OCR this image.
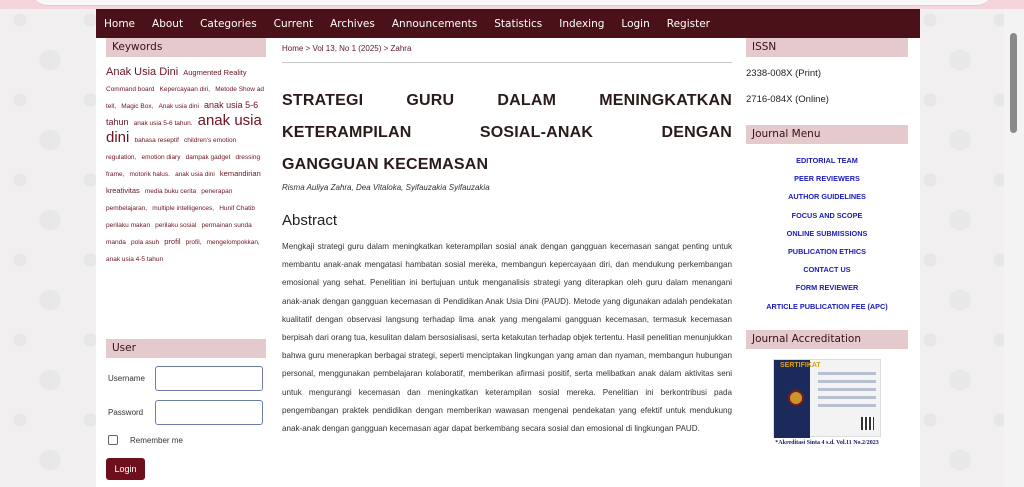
Home About Categories Current Archives Announcements Statistics Indexing Login Register
Keywords
Anak Usia Dini Augmented Reality Command board Kepercayaan diri, Metode Show ad tell, Magic Box, Anak usia dini anak usia 5-6 tahun anak usia 5-6 tahun. anak usia dini bahasa reseptif children's emotion regulation, emotion diary dampak gadget dressing frame, motorik halus. anak usia dini kemandirian kreativitas media buku cerita penerapan pembelajaran, multiple intelligences, Hunif Chatib perilaku makan perilaku sosial permainan sunda manda pola asuh profil profil, mengelompokkan, anak usia 4-5 tahun
User
Username
Password
Remember me
Login
Home > Vol 13, No 1 (2025) > Zahra
STRATEGI	GURU	DALAM	MENINGKATKAN
KETERAMPILAN	SOSIAL-ANAK	DENGAN
GANGGUAN KECEMASAN
Risma Auliya Zahra, Dea Vitaloka, Syifauzakia Syifauzakia
Abstract
Mengkaji strategi guru dalam meningkatkan keterampilan sosial anak dengan gangguan kecemasan sangat penting untuk membantu anak-anak mengatasi hambatan sosial mereka, membangun kepercayaan diri, dan mendukung perkembangan emosional yang sehat. Penelitian ini bertujuan untuk menganalisis strategi yang diterapkan oleh guru dalam menangani anak-anak dengan gangguan kecemasan di Pendidikan Anak Usia Dini (PAUD). Metode yang digunakan adalah pendekatan kualitatif dengan observasi langsung terhadap lima anak yang mengalami gangguan kecemasan, termasuk kecemasan berpisah dari orang tua, kesulitan dalam bersosialisasi, serta ketakutan terhadap objek tertentu. Hasil penelitian menunjukkan bahwa guru menerapkan berbagai strategi, seperti menciptakan lingkungan yang aman dan nyaman, membangun hubungan personal, menggunakan pembelajaran kolaboratif, memberikan afirmasi positif, serta melibatkan anak dalam aktivitas seni untuk mengurangi kecemasan dan meningkatkan keterampilan sosial mereka. Penelitian ini berkontribusi pada pengembangan praktek pendidikan dengan memberikan wawasan mengenai pendekatan yang efektif untuk mendukung anak-anak dengan gangguan kecemasan agar dapat berkembang secara sosial dan emosional di lingkungan PAUD.
ISSN
2338-008X (Print)
2716-084X (Online)
Journal Menu
EDITORIAL TEAM
PEER REVIEWERS
AUTHOR GUIDELINES
FOCUS AND SCOPE
ONLINE SUBMISSIONS
PUBLICATION ETHICS
CONTACT US
FORM REVIEWER
ARTICLE PUBLICATION FEE (APC)
Journal Accreditation
SERTIFIKAT
*Akreditasi Sinta 4 s.d. Vol.11 No.2/2023
